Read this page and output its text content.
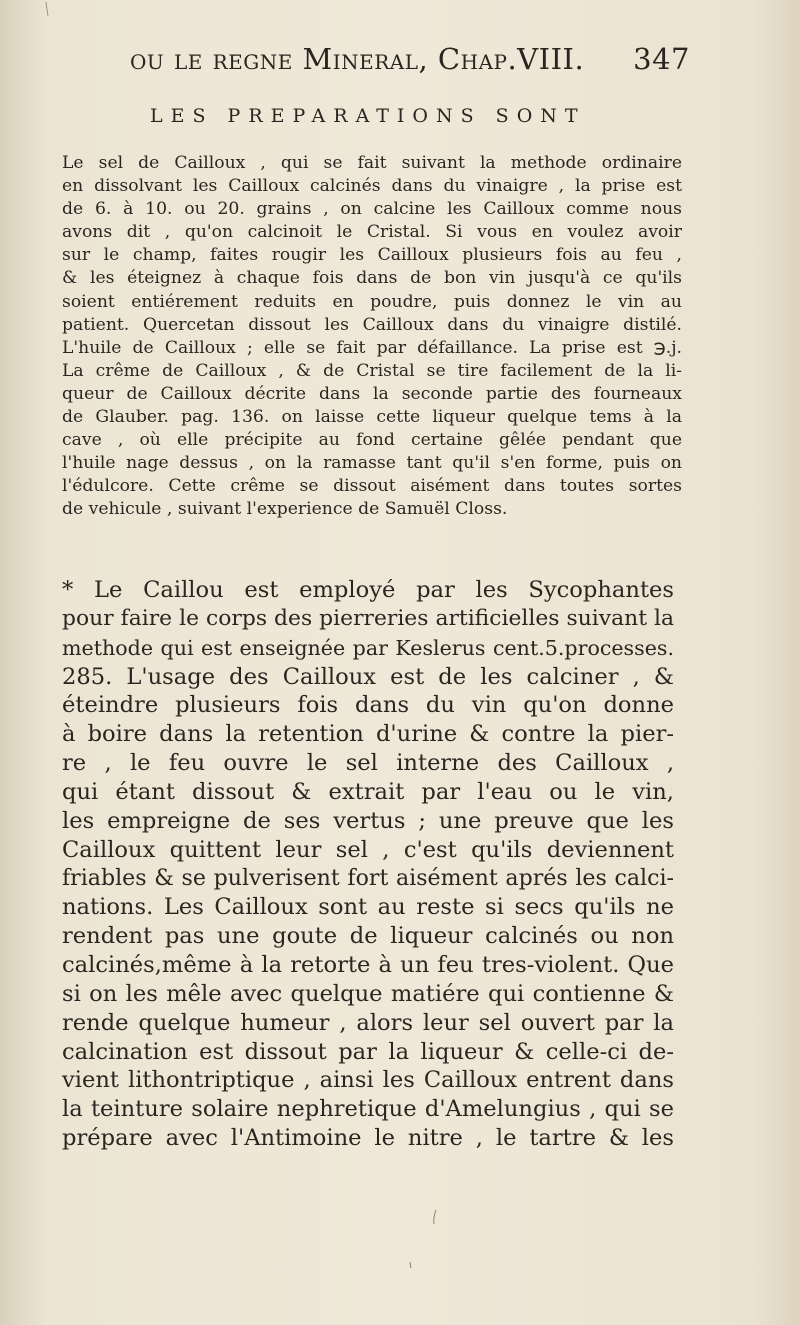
ou le regne Mineral, Chap.VIII. 347
LES PREPARATIONS SONT
Le sel de Cailloux , qui se fait suivant la methode ordinaire
en dissolvant les Cailloux calcinés dans du vinaigre , la prise est
de 6. à 10. ou 20. grains , on calcine les Cailloux comme nous
avons dit , qu'on calcinoit le Cristal. Si vous en voulez avoir
sur le champ, faites rougir les Cailloux plusieurs fois au feu ,
& les éteignez à chaque fois dans de bon vin jusqu'à ce qu'ils
soient entiérement reduits en poudre, puis donnez le vin au
patient. Quercetan dissout les Cailloux dans du vinaigre distilé.
L'huile de Cailloux ; elle se fait par défaillance. La prise est ℈.j.
La crême de Cailloux , & de Cristal se tire facilement de la li-
queur de Cailloux décrite dans la seconde partie des fourneaux
de Glauber. pag. 136. on laisse cette liqueur quelque tems à la
cave , où elle précipite au fond certaine gêlée pendant que
l'huile nage dessus , on la ramasse tant qu'il s'en forme, puis on
l'édulcore. Cette crême se dissout aisément dans toutes sortes
de vehicule , suivant l'experience de Samuël Closs.
* Le Caillou est employé par les Sycophantes
pour faire le corps des pierreries artificielles suivant la
methode qui est enseignée par Keslerus cent.5.processes.
285. L'usage des Cailloux est de les calciner , &
éteindre plusieurs fois dans du vin qu'on donne
à boire dans la retention d'urine & contre la pier-
re , le feu ouvre le sel interne des Cailloux ,
qui étant dissout & extrait par l'eau ou le vin,
les empreigne de ses vertus ; une preuve que les
Cailloux quittent leur sel , c'est qu'ils deviennent
friables & se pulverisent fort aisément aprés les calci-
nations. Les Cailloux sont au reste si secs qu'ils ne
rendent pas une goute de liqueur calcinés ou non
calcinés,même à la retorte à un feu tres-violent. Que
si on les mêle avec quelque matiére qui contienne &
rende quelque humeur , alors leur sel ouvert par la
calcination est dissout par la liqueur & celle-ci de-
vient lithontriptique , ainsi les Cailloux entrent dans
la teinture solaire nephretique d'Amelungius , qui se
prépare avec l'Antimoine le nitre , le tartre & les
